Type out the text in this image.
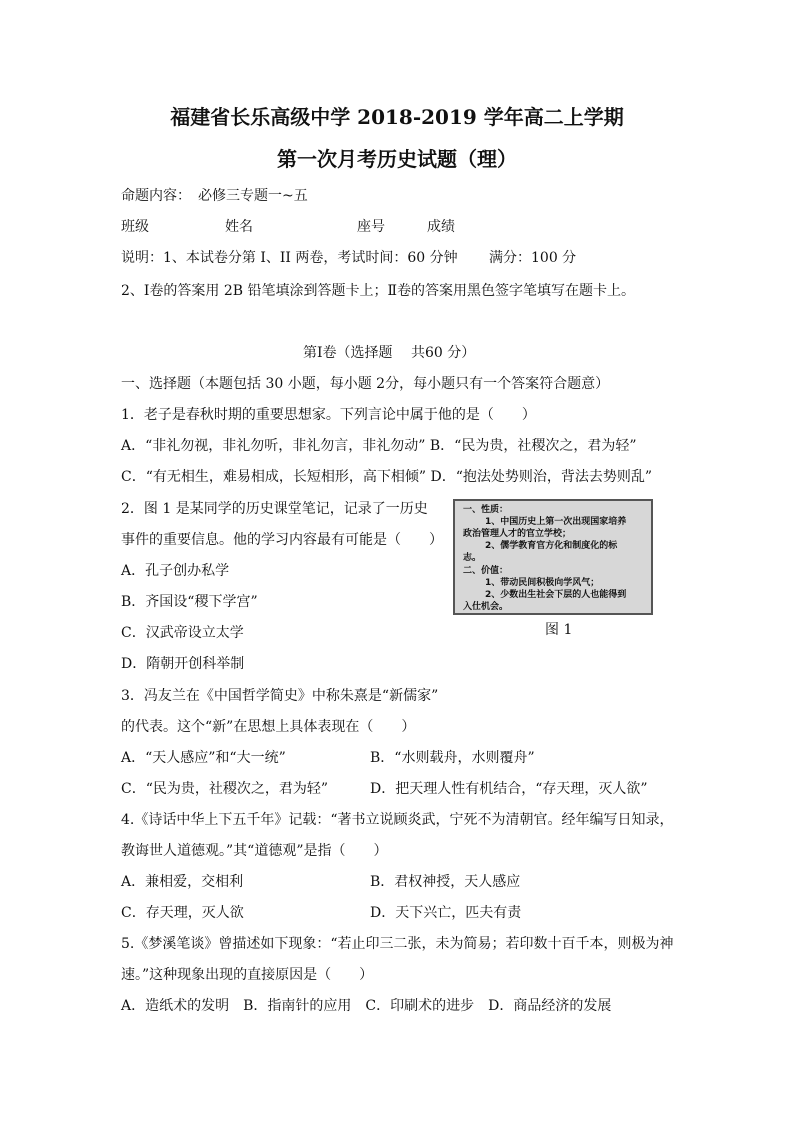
福建省长乐高级中学 2018-2019 学年高二上学期
第一次月考历史试题（理）
命题内容： 必修三专题一~五
班级	姓名	座号	成绩
说明：1、本试卷分第 I、II 两卷，考试时间：60 分钟 满分：100 分
2、Ⅰ卷的答案用 2B 铅笔填涂到答题卡上；Ⅱ卷的答案用黑色签字笔填写在题卡上。
第Ⅰ卷（选择题　 共60 分）
一、选择题（本题包括 30 小题，每小题 2分，每小题只有一个答案符合题意）
1．老子是春秋时期的重要思想家。下列言论中属于他的是（　　）
A．“非礼勿视，非礼勿听，非礼勿言，非礼勿动” B．“民为贵，社稷次之，君为轻”
C．“有无相生，难易相成，长短相形，高下相倾” D．“抱法处势则治，背法去势则乱”
2．图 1 是某同学的历史课堂笔记，记录了一历史
事件的重要信息。他的学习内容最有可能是（　　）
A．孔子创办私学
B．齐国设“稷下学宫”
C．汉武帝设立太学
D．隋朝开创科举制
一、性质：
1、中国历史上第一次出现国家培养
政治管理人才的官立学校；
2、儒学教育官方化和制度化的标
志。
二、价值：
1、带动民间积极向学风气；
2、少数出生社会下层的人也能得到
入仕机会。
图 1
3．冯友兰在《中国哲学简史》中称朱熹是“新儒家”
的代表。这个“新”在思想上具体表现在（　　）
A．“天人感应”和“大一统”	B．“水则载舟，水则覆舟”
C．“民为贵，社稷次之，君为轻”	D．把天理人性有机结合，“存天理，灭人欲”
4.《诗话中华上下五千年》记载：“著书立说顾炎武，宁死不为清朝官。经年编写日知录，
教诲世人道德观。”其“道德观”是指（　　）
A．兼相爱，交相利	B．君权神授，天人感应
C．存天理，灭人欲	D．天下兴亡，匹夫有责
5.《梦溪笔谈》曾描述如下现象：“若止印三二张，未为简易；若印数十百千本，则极为神
速。”这种现象出现的直接原因是（　　）
A．造纸术的发明　B．指南针的应用　C．印刷术的进步　D．商品经济的发展
